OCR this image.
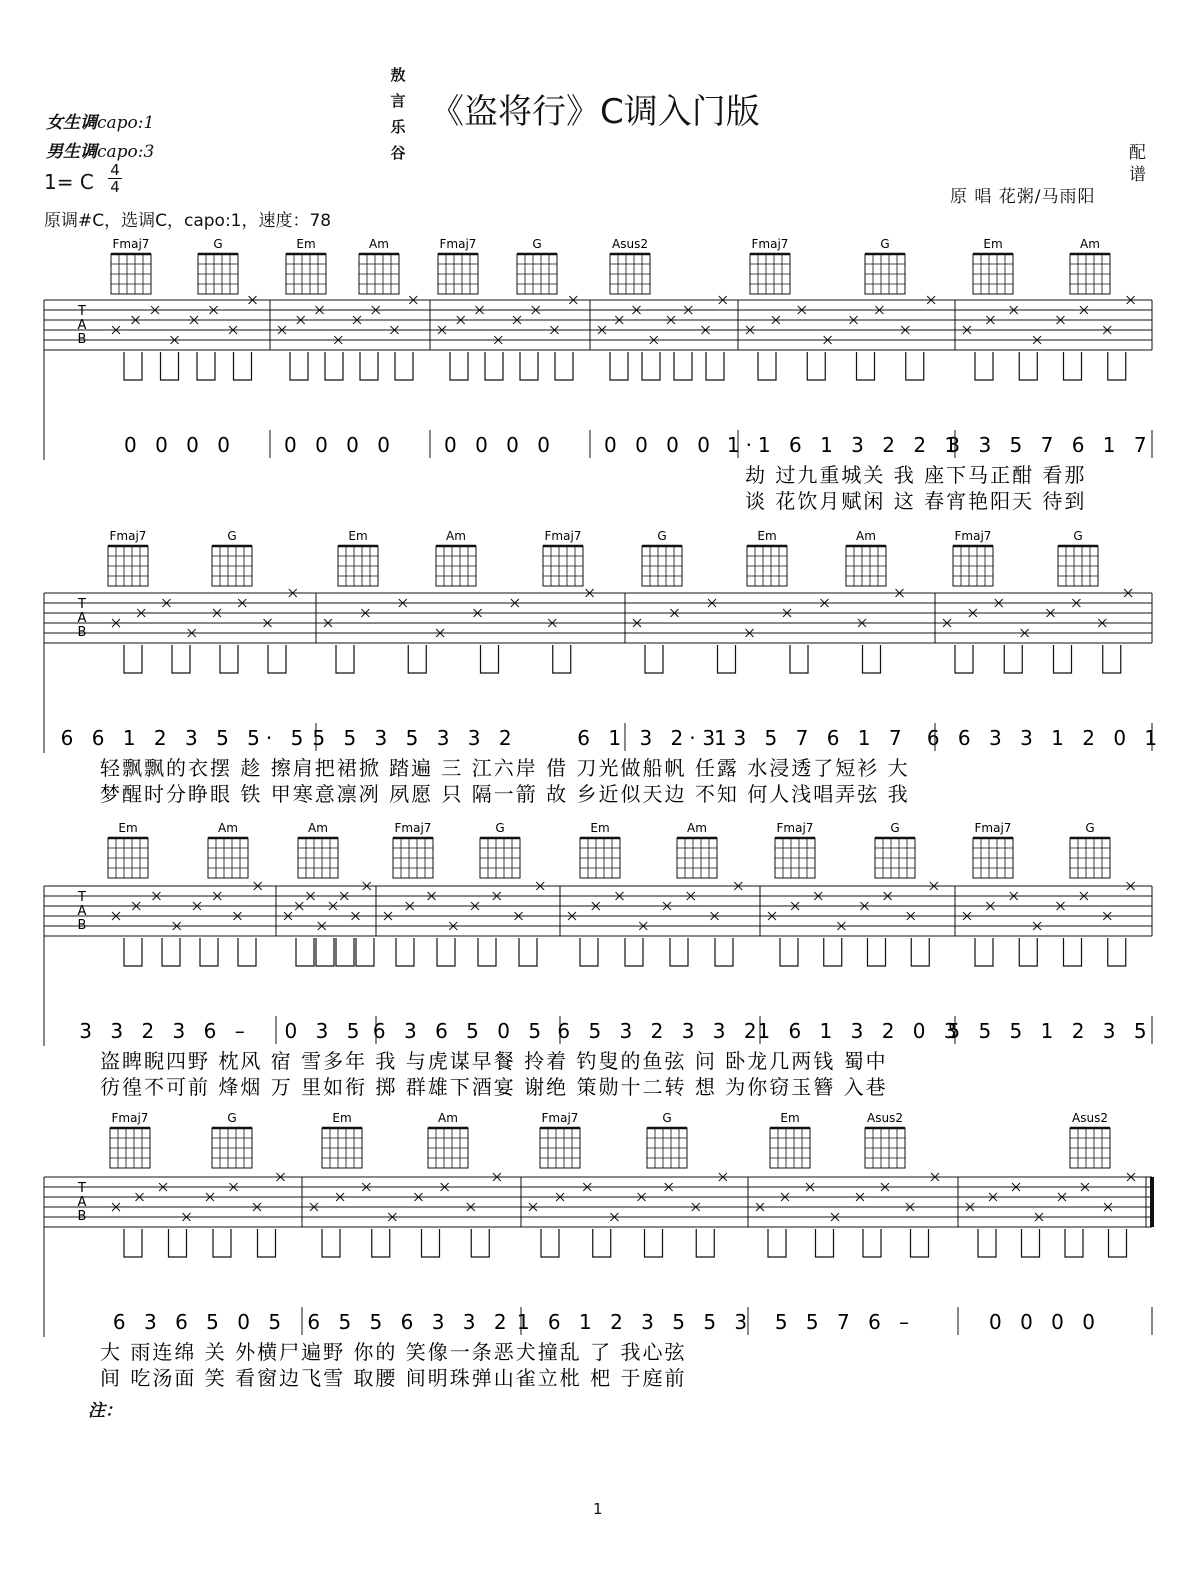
敖言乐谷
《盗将行》C调入门版
女生调capo:1
男生调capo:3
1= C 4
4
原调#C，选调C，capo:1，速度：78
配
谱
原 唱 花粥/马雨阳
Fmaj7	G	Em	Am	Fmaj7	G	Asus2	Fmaj7	G	Em	Am
T
A
B
0 0 0 0 0 0 0 0 0 0 0 0 0 0 0 0 1·1 6 1 3 2 2 1
3 3 5 7 6 1 7
劫 过九重城关 我 座下马正酣 看那
谈 花饮月赋闲 这 春宵艳阳天 待到
Fmaj7	G	Em	Am	Fmaj7	G	Em	Am	Fmaj7	G
T
A
B
6 6 1 2 3 5 5· 5 5 5 3 5 3 3 2	6 1 3 2· 1
3 3 5 7 6 1 7 6 6 3 3 1 2 0 1
轻飘飘的衣摆 趁 擦肩把裙掀 踏遍 三 江六岸 借 刀光做船帆 任露 水浸透了短衫 大
梦醒时分睁眼 铁 甲寒意凛冽 夙愿 只 隔一箭 故 乡近似天边 不知 何人浅唱弄弦 我
Em	Am	Am	Fmaj7	G	Em	Am	Fmaj7	G	Fmaj7	G
T
A
B
3 3 2 3 6 – 0 3 5 6 3 6 5 0 5 6 5 3 2 3 3 2
1 6 1 3 2 0 3
5 5 5 1 2 3 5
盗睥睨四野 枕风 宿 雪多年 我 与虎谋早餐 拎着 钓叟的鱼弦 问 卧龙几两钱 蜀中
彷徨不可前 烽烟 万 里如衔 掷 群雄下酒宴 谢绝 策勋十二转 想 为你窃玉簪 入巷
Fmaj7	G	Em	Am	Fmaj7	G	Em	Asus2	Asus2
T
A
B
6 3 6 5 0 5 6 5 5 6 3 3 2 1 6 1 2 3 5 5 3 5 5 7 6 –	0 0 0 0
大 雨连绵 关 外横尸遍野 你的 笑像一条恶犬撞乱 了 我心弦
间 吃汤面 笑 看窗边飞雪 取腰 间明珠弹山雀立枇 杷 于庭前
注：
1
